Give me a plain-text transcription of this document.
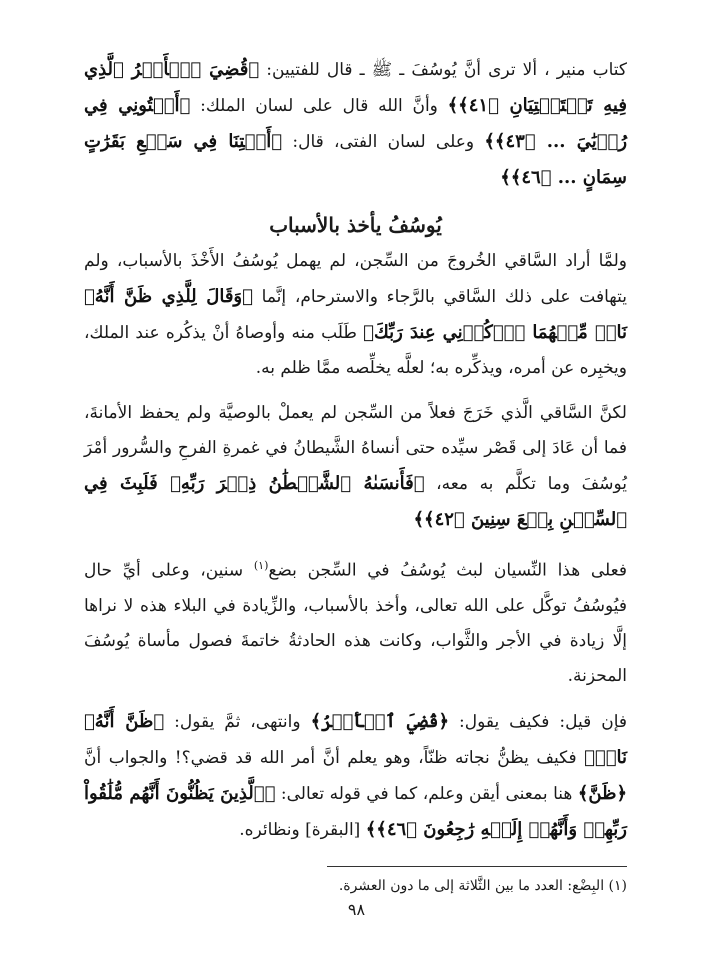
كتاب منير ، ألا ترى أنَّ يُوسُفَ ـ ﷺ ـ قال للفتيين: ﴿قُضِيَ ٱلۡأَمۡرُ ٱلَّذِي فِيهِ تَسۡتَفۡتِيَانِ ﴿٤١﴾﴾ وأنَّ الله قال على لسان الملك: ﴿أَفۡتُونِي فِي رُءۡيَٰيَ ... ﴿٤٣﴾﴾ وعلى لسان الفتى، قال: ﴿أَفۡتِنَا فِي سَبۡعِ بَقَرَٰتٍ سِمَانٍ ... ﴿٤٦﴾﴾
يُوسُفُ يأخذ بالأسباب
ولمَّا أراد السَّاقي الخُروجَ من السِّجن، لم يهمل يُوسُفُ الأَخْذَ بالأسباب، ولم يتهافت على ذلك السَّاقي بالرَّجاء والاسترحام، إنَّما ﴿وَقَالَ لِلَّذِي ظَنَّ أَنَّهُۥ نَاجٖ مِّنۡهُمَا ٱذۡكُرۡنِي عِندَ رَبِّكَ﴾ طَلَب منه وأوصاهُ أنْ يذكُره عند الملك، ويخبِره عن أمره، ويذكِّره به؛ لعلَّه يخلِّصه ممَّا ظلم به.
لكنَّ السَّاقي الَّذي خَرَجَ فعلاً من السِّجن لم يعملْ بالوصيَّة ولم يحفظ الأمانةَ، فما أن عَادَ إلى قَصْر سيِّده حتى أنساهُ الشَّيطانُ في غمرةِ الفرحِ والسُّرور أمْرَ يُوسُفَ وما تكلَّم به معه، ﴿فَأَنسَىٰهُ ٱلشَّيۡطَٰنُ ذِكۡرَ رَبِّهِۦ فَلَبِثَ فِي ٱلسِّجۡنِ بِضۡعَ سِنِينَ ﴿٤٢﴾﴾
فعلى هذا النِّسيان لبث يُوسُفُ في السِّجن بضع$^{(١)}$ سنين، وعلى أيِّ حال فيُوسُفُ توكَّل على الله تعالى، وأخذ بالأسباب، والزِّيادة في البلاء هذه لا نراها إلَّا زيادة في الأجر والثَّواب، وكانت هذه الحادثةُ خاتمةَ فصول مأساة يُوسُفَ المحزنة.
فإن قيل: فكيف يقول: ﴿قُضِيَ ٱلۡأَمۡرُ﴾ وانتهى، ثمَّ يقول: ﴿ظَنَّ أَنَّهُۥ نَاجٖ﴾ فكيف يظنُّ نجاته ظنّاً، وهو يعلم أنَّ أمر الله قد قضي؟! والجواب أنَّ ﴿ظَنَّ﴾ هنا بمعنى أيقن وعلم، كما في قوله تعالى: ﴿ٱلَّذِينَ يَظُنُّونَ أَنَّهُم مُّلَٰقُواْ رَبِّهِمۡ وَأَنَّهُمۡ إِلَيۡهِ رَٰجِعُونَ ﴿٤٦﴾﴾ [البقرة] ونظائره.
(١) البِضْع: العدد ما بين الثَّلاثة إلى ما دون العشرة.
٩٨
